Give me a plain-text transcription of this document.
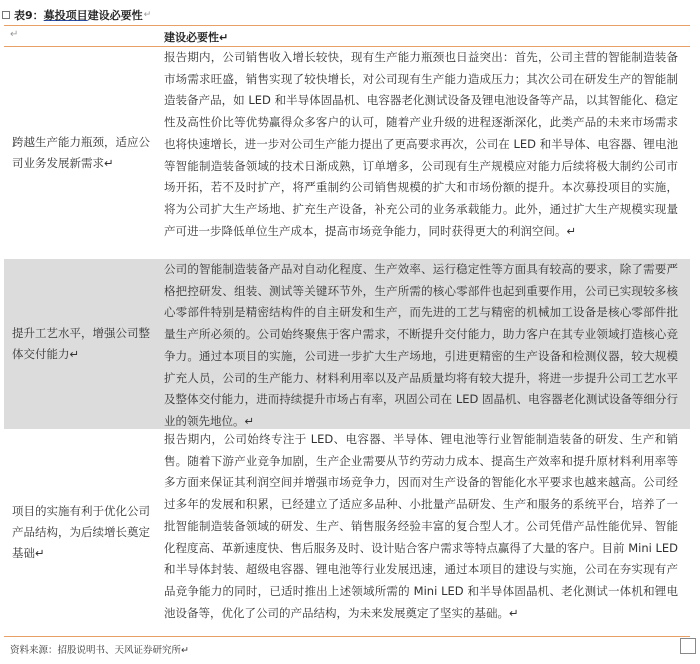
表9： 募投项目 建设必要性 ↵
↵	建设必要性↵
跨越生产能力瓶颈，适应公司业务发展新需求↵
报告期内，公司销售收入增长较快，现有生产能力瓶颈也日益突出：首先，公司主营的智能制造装备市场需求旺盛，销售实现了较快增长，对公司现有生产能力造成压力；其次公司在研发生产的智能制造装备产品，如 LED 和半导体固晶机、电容器老化测试设备及锂电池设备等产品，以其智能化、稳定性及高性价比等优势赢得众多客户的认可，随着产业升级的进程逐渐深化，此类产品的未来市场需求也将快速增长，进一步对公司生产能力提出了更高要求再次，公司在 LED 和半导体、电容器、锂电池等智能制造装备领域的技术日渐成熟，订单增多，公司现有生产规模应对能力后续将极大制约公司市场开拓，若不及时扩产，将严重制约公司销售规模的扩大和市场份额的提升。本次募投项目的实施，将为公司扩大生产场地、扩充生产设备，补充公司的业务承载能力。此外，通过扩大生产规模实现量产可进一步降低单位生产成本，提高市场竞争能力，同时获得更大的利润空间。↵
提升工艺水平，增强公司整体交付能力↵
公司的智能制造装备产品对自动化程度、生产效率、运行稳定性等方面具有较高的要求，除了需要严格把控研发、组装、测试等关键环节外，生产所需的核心零部件也起到重要作用，公司已实现较多核心零部件特别是精密结构件的自主研发和生产，而先进的工艺与精密的机械加工设备是核心零部件批量生产所必须的。公司始终聚焦于客户需求，不断提升交付能力，助力客户在其专业领域打造核心竞争力。通过本项目的实施，公司进一步扩大生产场地，引进更精密的生产设备和检测仪器，较大规模扩充人员，公司的生产能力、材料利用率以及产品质量均将有较大提升，将进一步提升公司工艺水平及整体交付能力，进而持续提升市场占有率，巩固公司在 LED 固晶机、电容器老化测试设备等细分行业的领先地位。↵
项目的实施有利于优化公司产品结构，为后续增长奠定基础↵
报告期内，公司始终专注于 LED、电容器、半导体、锂电池等行业智能制造装备的研发、生产和销售。随着下游产业竞争加剧，生产企业需要从节约劳动力成本、提高生产效率和提升原材料利用率等多方面来保证其利润空间并增强市场竞争力，因而对生产设备的智能化水平要求也越来越高。公司经过多年的发展和积累，已经建立了适应多品种、小批量产品研发、生产和服务的系统平台，培养了一批智能制造装备领域的研发、生产、销售服务经验丰富的复合型人才。公司凭借产品性能优异、智能化程度高、革新速度快、售后服务及时、设计贴合客户需求等特点赢得了大量的客户。目前 Mini LED 和半导体封装、超级电容器、锂电池等行业发展迅速，通过本项目的建设与实施，公司在夯实现有产品竞争能力的同时，已适时推出上述领域所需的 Mini LED 和半导体固晶机、老化测试一体机和锂电池设备等，优化了公司的产品结构，为未来发展奠定了坚实的基础。↵
资料来源：招股说明书、天风证券研究所↵
